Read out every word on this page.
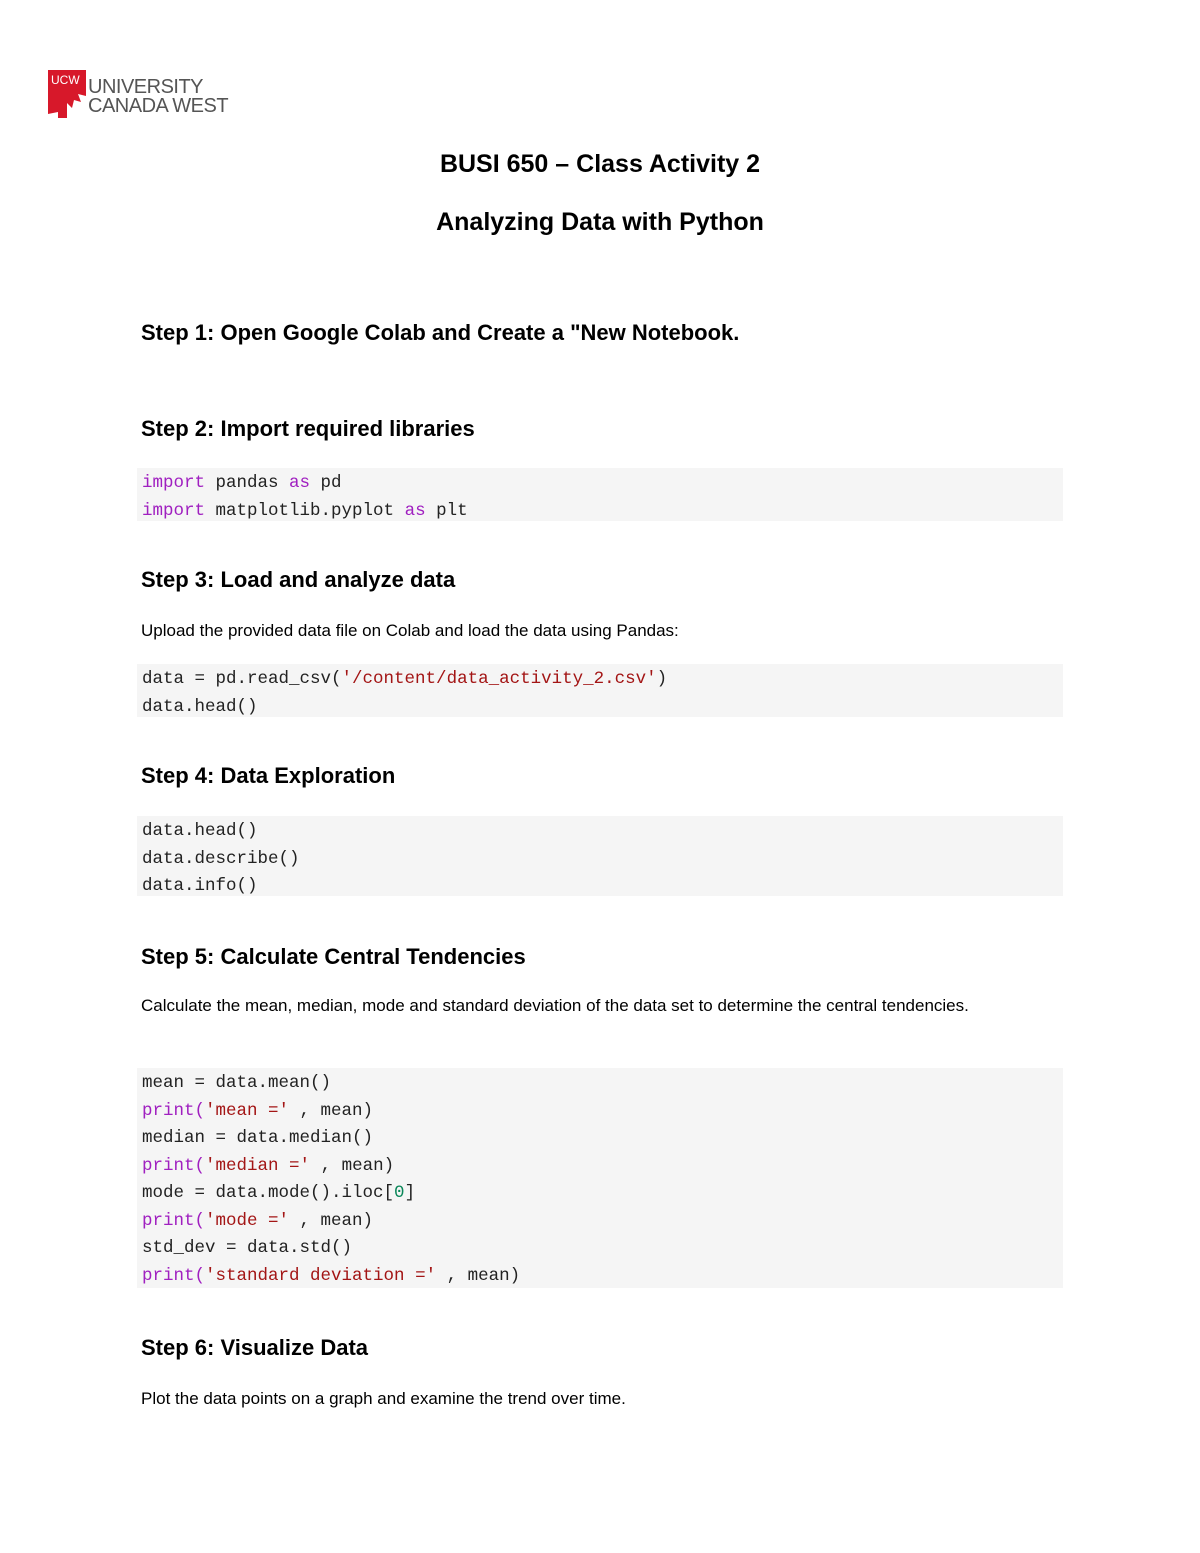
UCW UNIVERSITY
CANADA WEST
BUSI 650 – Class Activity 2
Analyzing Data with Python
Step 1: Open Google Colab and Create a "New Notebook.
Step 2: Import required libraries
import pandas as pd
import matplotlib.pyplot as plt
Step 3: Load and analyze data
Upload the provided data file on Colab and load the data using Pandas:
data = pd.read_csv('/content/data_activity_2.csv')
data.head()
Step 4: Data Exploration
data.head()
data.describe()
data.info()
Step 5: Calculate Central Tendencies
Calculate the mean, median, mode and standard deviation of the data set to determine the central tendencies.
mean = data.mean()
print('mean =' , mean)
median = data.median()
print('median =' , mean)
mode = data.mode().iloc[0]
print('mode =' , mean)
std_dev = data.std()
print('standard deviation =' , mean)
Step 6: Visualize Data
Plot the data points on a graph and examine the trend over time.
